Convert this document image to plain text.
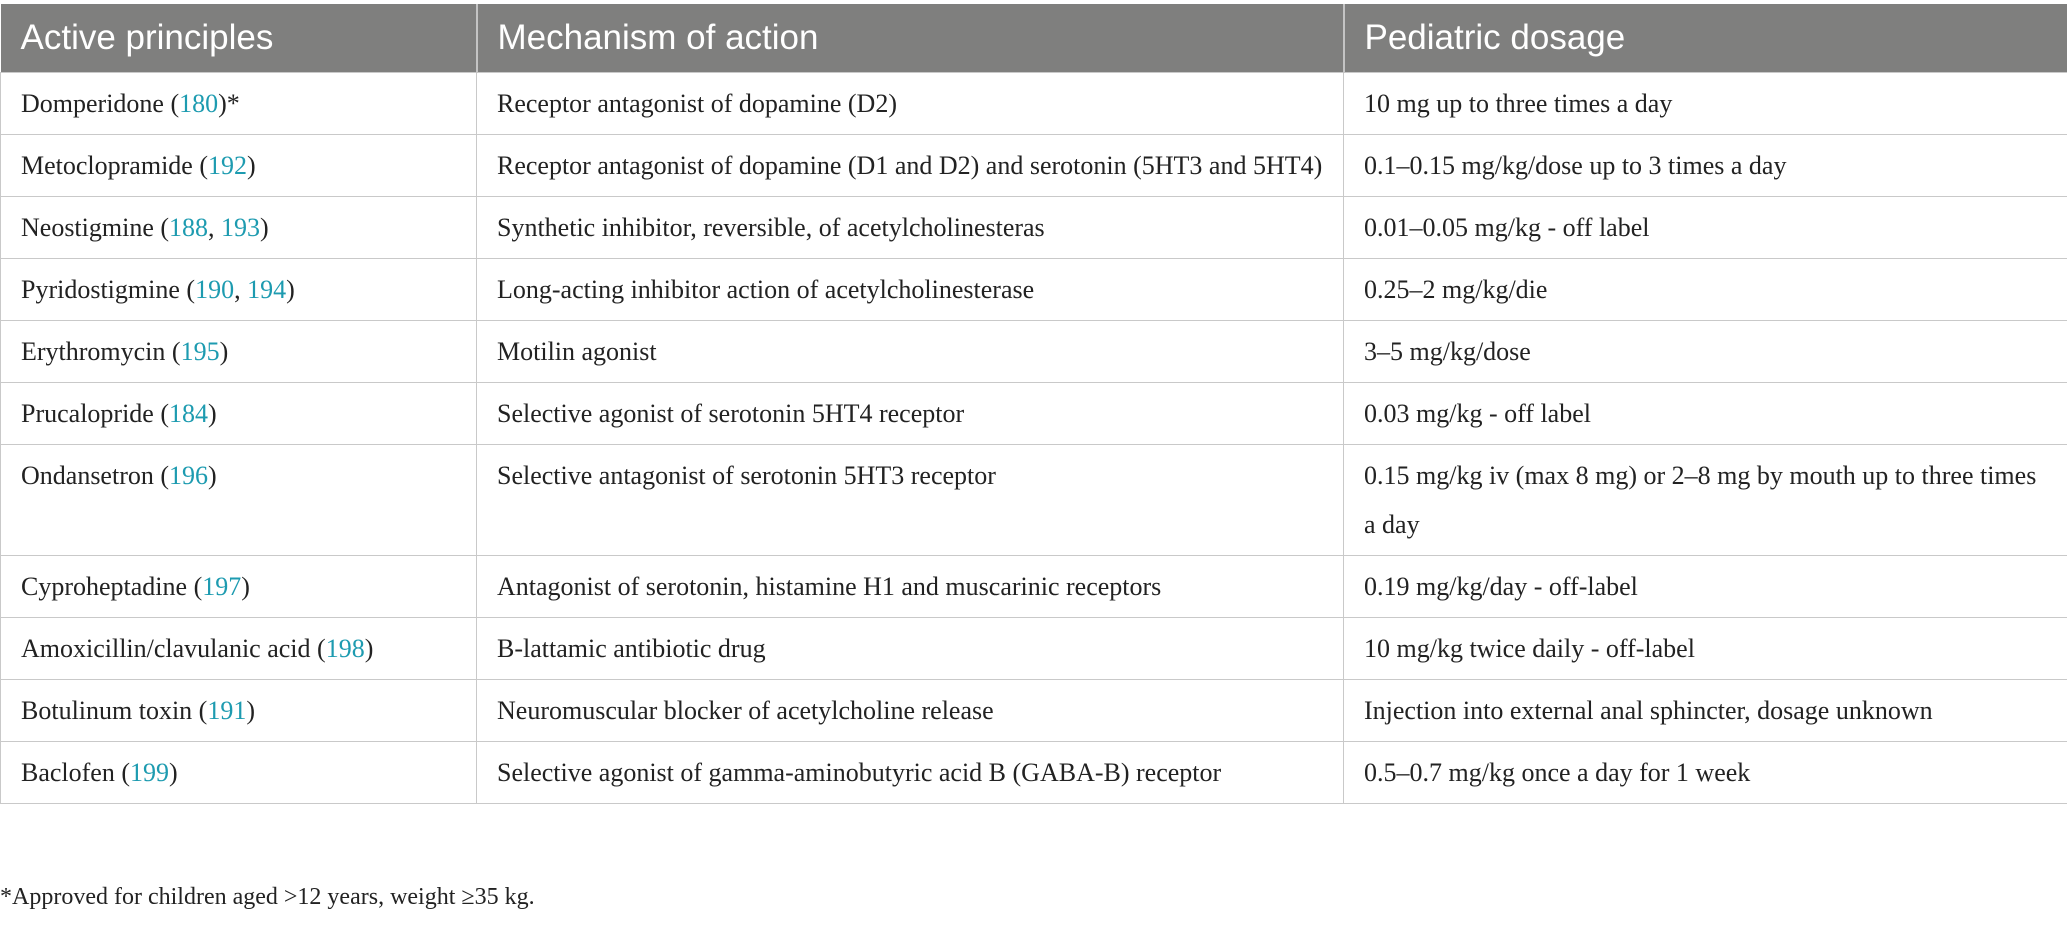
Active principles	Mechanism of action	Pediatric dosage
Domperidone (180)*	Receptor antagonist of dopamine (D2)	10 mg up to three times a day
Metoclopramide (192)	Receptor antagonist of dopamine (D1 and D2) and serotonin (5HT3 and 5HT4)	0.1–0.15 mg/kg/dose up to 3 times a day
Neostigmine (188, 193)	Synthetic inhibitor, reversible, of acetylcholinesteras	0.01–0.05 mg/kg - off label
Pyridostigmine (190, 194)	Long-acting inhibitor action of acetylcholinesterase	0.25–2 mg/kg/die
Erythromycin (195)	Motilin agonist	3–5 mg/kg/dose
Prucalopride (184)	Selective agonist of serotonin 5HT4 receptor	0.03 mg/kg - off label
Ondansetron (196)	Selective antagonist of serotonin 5HT3 receptor	0.15 mg/kg iv (max 8 mg) or 2–8 mg by mouth up to three times a day
Cyproheptadine (197)	Antagonist of serotonin, histamine H1 and muscarinic receptors	0.19 mg/kg/day - off-label
Amoxicillin/clavulanic acid (198)	B-lattamic antibiotic drug	10 mg/kg twice daily - off-label
Botulinum toxin (191)	Neuromuscular blocker of acetylcholine release	Injection into external anal sphincter, dosage unknown
Baclofen (199)	Selective agonist of gamma-aminobutyric acid B (GABA-B) receptor	0.5–0.7 mg/kg once a day for 1 week
*Approved for children aged >12 years, weight ≥35 kg.
